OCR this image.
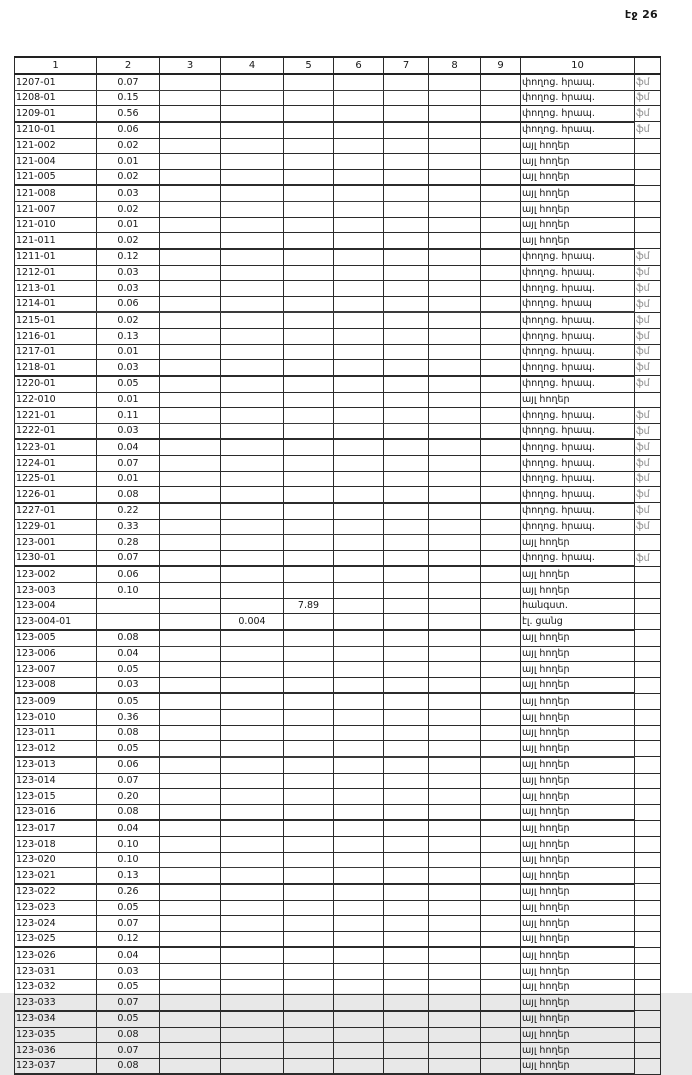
էջ 26
1	2	3	4	5	6	7	8	9	10	
1207-01	0.07								փողոց. հրապ.	ֆմ
1208-01	0.15								փողոց. հրապ.	ֆմ
1209-01	0.56								փողոց. հրապ.	ֆմ
1210-01	0.06								փողոց. հրապ.	ֆմ
121-002	0.02								այլ հողեր	
121-004	0.01								այլ հողեր	
121-005	0.02								այլ հողեր	
121-008	0.03								այլ հողեր	
121-007	0.02								այլ հողեր	
121-010	0.01								այլ հողեր	
121-011	0.02								այլ հողեր	
1211-01	0.12								փողոց. հրապ.	ֆմ
1212-01	0.03								փողոց. հրապ.	ֆմ
1213-01	0.03								փողոց. հրապ.	ֆմ
1214-01	0.06								փողոց. հրապ	ֆմ
1215-01	0.02								փողոց. հրապ.	ֆմ
1216-01	0.13								փողոց. հրապ.	ֆմ
1217-01	0.01								փողոց. հրապ.	ֆմ
1218-01	0.03								փողոց. հրապ.	ֆմ
1220-01	0.05								փողոց. հրապ.	ֆմ
122-010	0.01								այլ հողեր	
1221-01	0.11								փողոց. հրապ.	ֆմ
1222-01	0.03								փողոց. հրապ.	ֆմ
1223-01	0.04								փողոց. հրապ.	ֆմ
1224-01	0.07								փողոց. հրապ.	ֆմ
1225-01	0.01								փողոց. հրապ.	ֆմ
1226-01	0.08								փողոց. հրապ.	ֆմ
1227-01	0.22								փողոց. հրապ.	ֆմ
1229-01	0.33								փողոց. հրապ.	ֆմ
123-001	0.28								այլ հողեր	
1230-01	0.07								փողոց. հրապ.	ֆմ
123-002	0.06								այլ հողեր	
123-003	0.10								այլ հողեր	
123-004				7.89					հանգստ.	
123-004-01			0.004						էլ. ցանց	
123-005	0.08								այլ հողեր	
123-006	0.04								այլ հողեր	
123-007	0.05								այլ հողեր	
123-008	0.03								այլ հողեր	
123-009	0.05								այլ հողեր	
123-010	0.36								այլ հողեր	
123-011	0.08								այլ հողեր	
123-012	0.05								այլ հողեր	
123-013	0.06								այլ հողեր	
123-014	0.07								այլ հողեր	
123-015	0.20								այլ հողեր	
123-016	0.08								այլ հողեր	
123-017	0.04								այլ հողեր	
123-018	0.10								այլ հողեր	
123-020	0.10								այլ հողեր	
123-021	0.13								այլ հողեր	
123-022	0.26								այլ հողեր	
123-023	0.05								այլ հողեր	
123-024	0.07								այլ հողեր	
123-025	0.12								այլ հողեր	
123-026	0.04								այլ հողեր	
123-031	0.03								այլ հողեր	
123-032	0.05								այլ հողեր	
123-033	0.07								այլ հողեր	
123-034	0.05								այլ հողեր	
123-035	0.08								այլ հողեր	
123-036	0.07								այլ հողեր	
123-037	0.08								այլ հողեր	
